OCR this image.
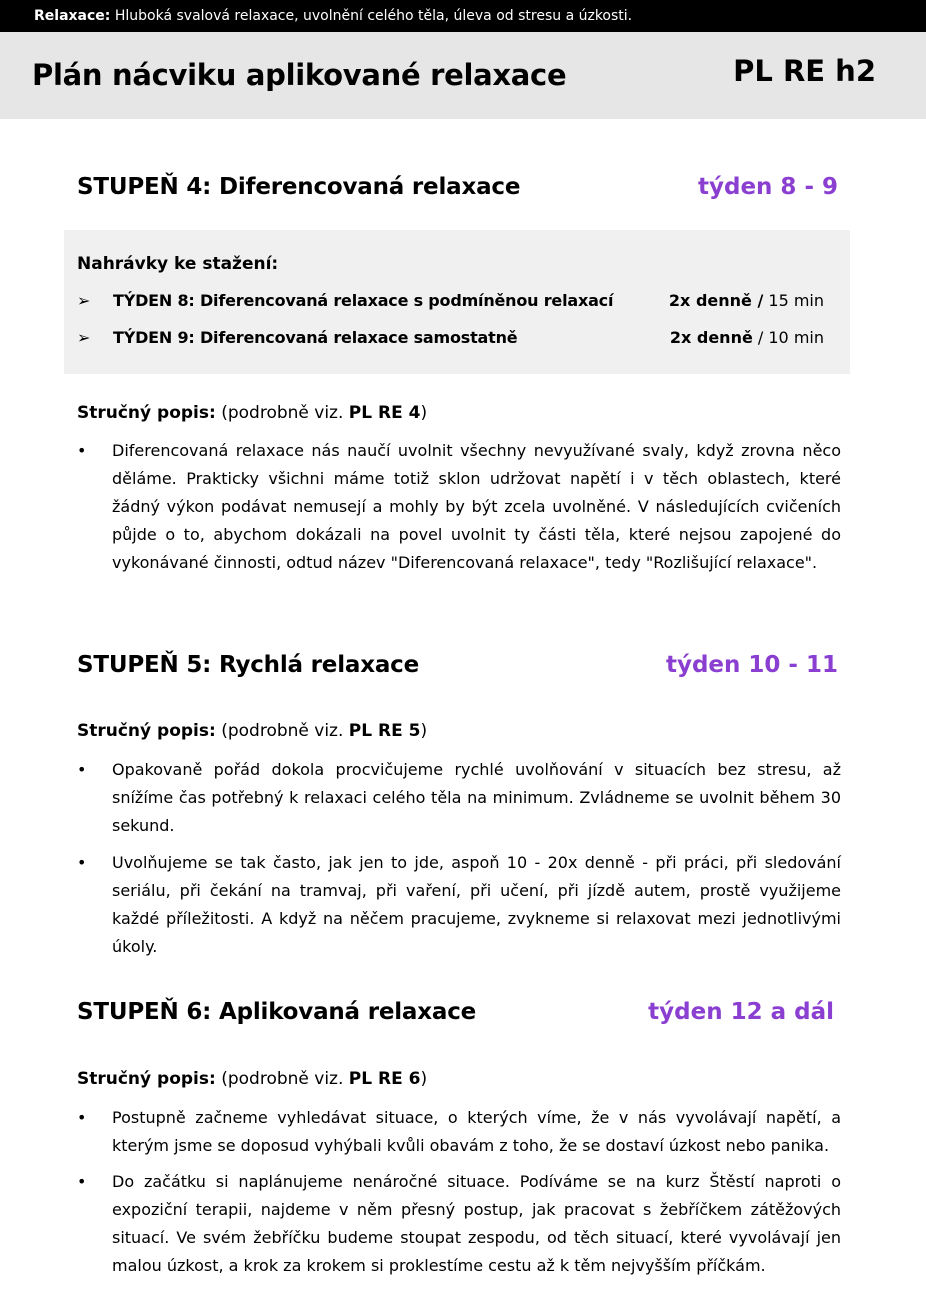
Relaxace: Hluboká svalová relaxace, uvolnění celého těla, úleva od stresu a úzkosti.
Plán nácviku aplikované relaxace	PL RE h2
STUPEŇ 4: Diferencovaná relaxace	týden 8 - 9
Nahrávky ke stažení:
➢ TÝDEN 8: Diferencovaná relaxace s podmíněnou relaxací	2x denně / 15 min
➢ TÝDEN 9: Diferencovaná relaxace samostatně	2x denně / 10 min
Stručný popis: (podrobně viz. PL RE 4)
• Diferencovaná relaxace nás naučí uvolnit všechny nevyužívané svaly, když zrovna něco děláme. Prakticky všichni máme totiž sklon udržovat napětí i v těch oblastech, které žádný výkon podávat nemusejí a mohly by být zcela uvolněné. V následujících cvičeních půjde o to, abychom dokázali na povel uvolnit ty části těla, které nejsou zapojené do vykonávané činnosti, odtud název "Diferencovaná relaxace", tedy "Rozlišující relaxace".
STUPEŇ 5: Rychlá relaxace	týden 10 - 11
Stručný popis: (podrobně viz. PL RE 5)
• Opakovaně pořád dokola procvičujeme rychlé uvolňování v situacích bez stresu, až snížíme čas potřebný k relaxaci celého těla na minimum. Zvládneme se uvolnit během 30 sekund.
• Uvolňujeme se tak často, jak jen to jde, aspoň 10 - 20x denně - při práci, při sledování seriálu, při čekání na tramvaj, při vaření, při učení, při jízdě autem, prostě využijeme každé příležitosti. A když na něčem pracujeme, zvykneme si relaxovat mezi jednotlivými úkoly.
STUPEŇ 6: Aplikovaná relaxace	týden 12 a dál
Stručný popis: (podrobně viz. PL RE 6)
• Postupně začneme vyhledávat situace, o kterých víme, že v nás vyvolávají napětí, a kterým jsme se doposud vyhýbali kvůli obavám z toho, že se dostaví úzkost nebo panika.
• Do začátku si naplánujeme nenáročné situace. Podíváme se na kurz Štěstí naproti o expoziční terapii, najdeme v něm přesný postup, jak pracovat s žebříčkem zátěžových situací. Ve svém žebříčku budeme stoupat zespodu, od těch situací, které vyvolávají jen malou úzkost, a krok za krokem si proklestíme cestu až k těm nejvyšším příčkám.
